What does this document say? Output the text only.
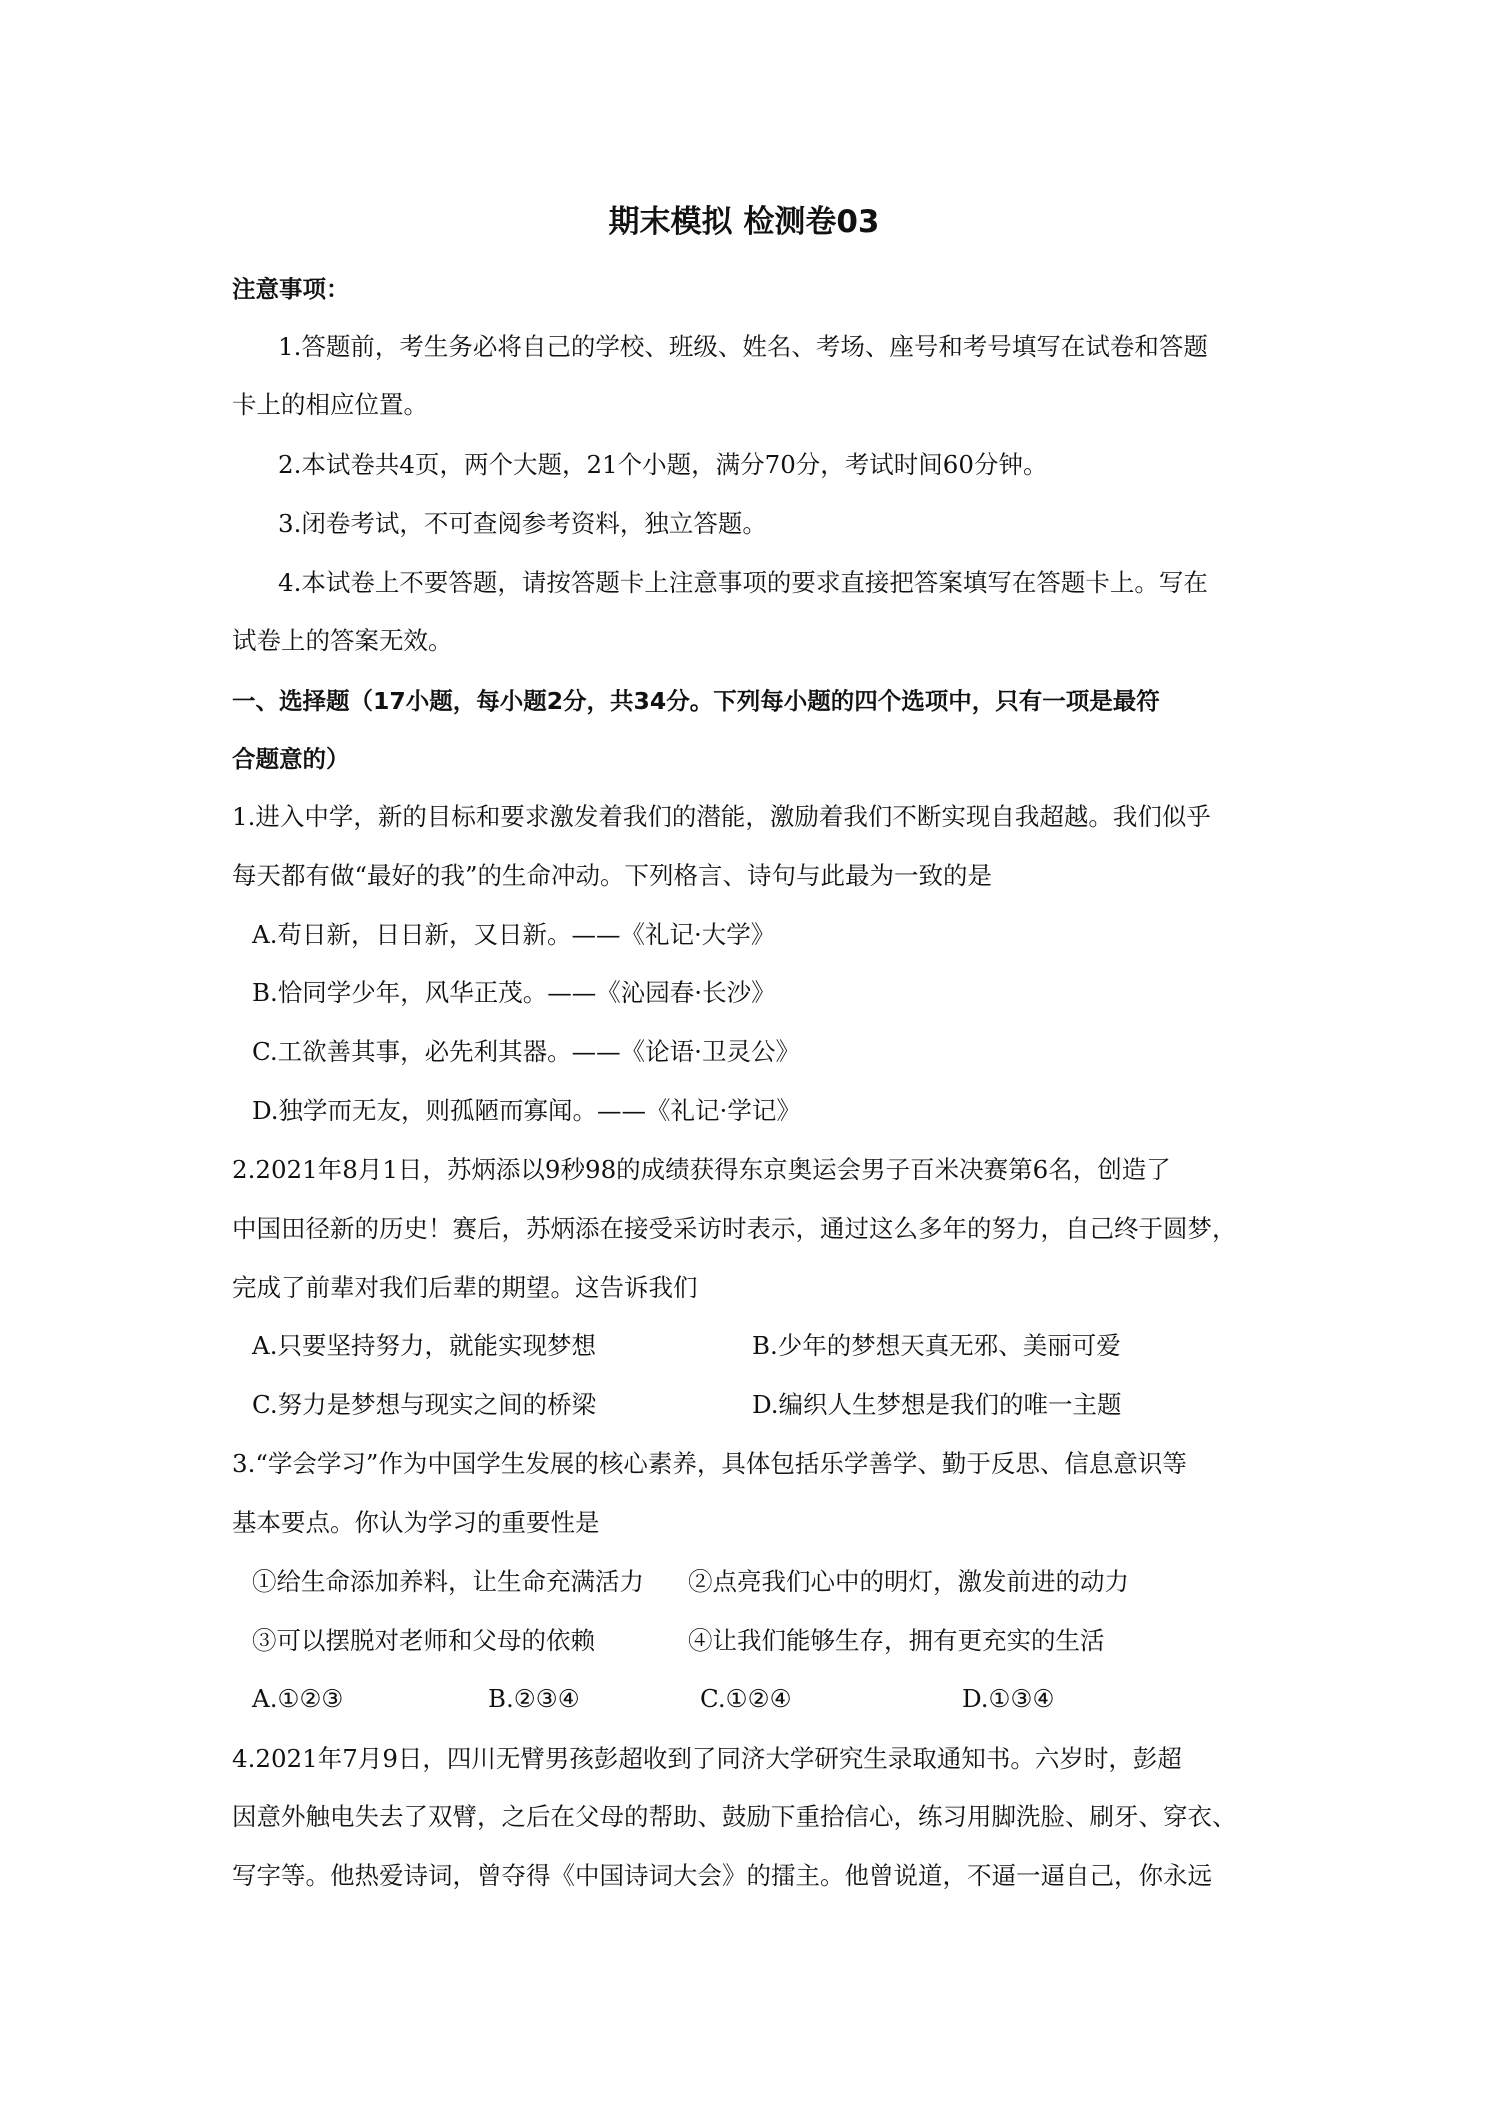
期末模拟 检测卷03
注意事项：
1.答题前，考生务必将自己的学校、班级、姓名、考场、座号和考号填写在试卷和答题
卡上的相应位置。
2.本试卷共4页，两个大题，21个小题，满分70分，考试时间60分钟。
3.闭卷考试，不可查阅参考资料，独立答题。
4.本试卷上不要答题，请按答题卡上注意事项的要求直接把答案填写在答题卡上。写在
试卷上的答案无效。
一、选择题（17小题，每小题2分，共34分。下列每小题的四个选项中，只有一项是最符
合题意的）
1.进入中学，新的目标和要求激发着我们的潜能，激励着我们不断实现自我超越。我们似乎
每天都有做“最好的我”的生命冲动。下列格言、诗句与此最为一致的是
A.苟日新，日日新，又日新。——《礼记·大学》
B.恰同学少年，风华正茂。——《沁园春·长沙》
C.工欲善其事，必先利其器。——《论语·卫灵公》
D.独学而无友，则孤陋而寡闻。——《礼记·学记》
2.2021年8月1日，苏炳添以9秒98的成绩获得东京奥运会男子百米决赛第6名，创造了
中国田径新的历史！赛后，苏炳添在接受采访时表示，通过这么多年的努力，自己终于圆梦，
完成了前辈对我们后辈的期望。这告诉我们
A.只要坚持努力，就能实现梦想	B.少年的梦想天真无邪、美丽可爱
C.努力是梦想与现实之间的桥梁	D.编织人生梦想是我们的唯一主题
3.“学会学习”作为中国学生发展的核心素养，具体包括乐学善学、勤于反思、信息意识等
基本要点。你认为学习的重要性是
①给生命添加养料，让生命充满活力 ②点亮我们心中的明灯，激发前进的动力
③可以摆脱对老师和父母的依赖	④让我们能够生存，拥有更充实的生活
A.①②③	B.②③④	C.①②④	D.①③④
4.2021年7月9日，四川无臂男孩彭超收到了同济大学研究生录取通知书。六岁时，彭超
因意外触电失去了双臂，之后在父母的帮助、鼓励下重拾信心，练习用脚洗脸、刷牙、穿衣、
写字等。他热爱诗词，曾夺得《中国诗词大会》的擂主。他曾说道，不逼一逼自己，你永远
